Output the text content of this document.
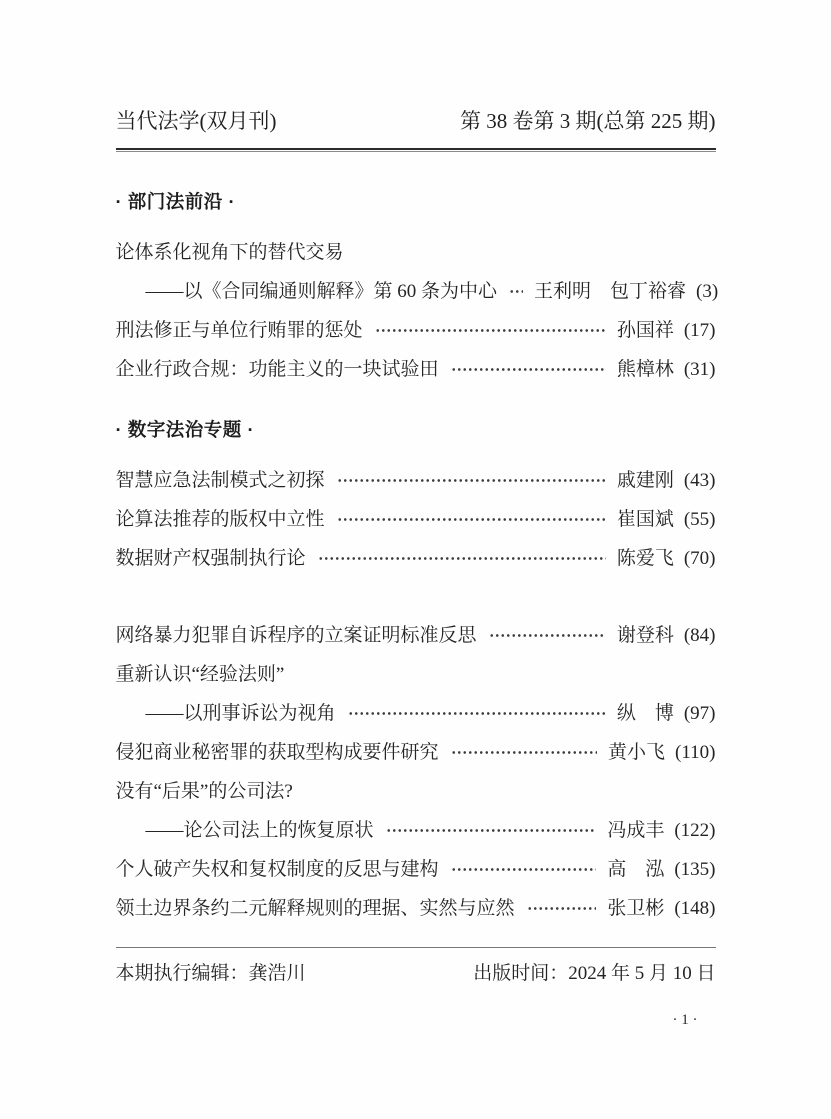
当代法学(双月刊)	第 38 卷第 3 期(总第 225 期)
· 部门法前沿 ·
论体系化视角下的替代交易
——以《合同编通则解释》第 60 条为中心 王利明　包丁裕睿 (3)
刑法修正与单位行贿罪的惩处	孙国祥 (17)
企业行政合规：功能主义的一块试验田	熊樟林 (31)
· 数字法治专题 ·
智慧应急法制模式之初探	戚建刚 (43)
论算法推荐的版权中立性	崔国斌 (55)
数据财产权强制执行论	陈爱飞 (70)
网络暴力犯罪自诉程序的立案证明标准反思	谢登科 (84)
重新认识“经验法则”
——以刑事诉讼为视角	纵　博 (97)
侵犯商业秘密罪的获取型构成要件研究	黄小飞 (110)
没有“后果”的公司法?
——论公司法上的恢复原状	冯成丰 (122)
个人破产失权和复权制度的反思与建构	高　泓 (135)
领土边界条约二元解释规则的理据、实然与应然	张卫彬 (148)
本期执行编辑：龚浩川	出版时间：2024 年 5 月 10 日
· 1 ·
